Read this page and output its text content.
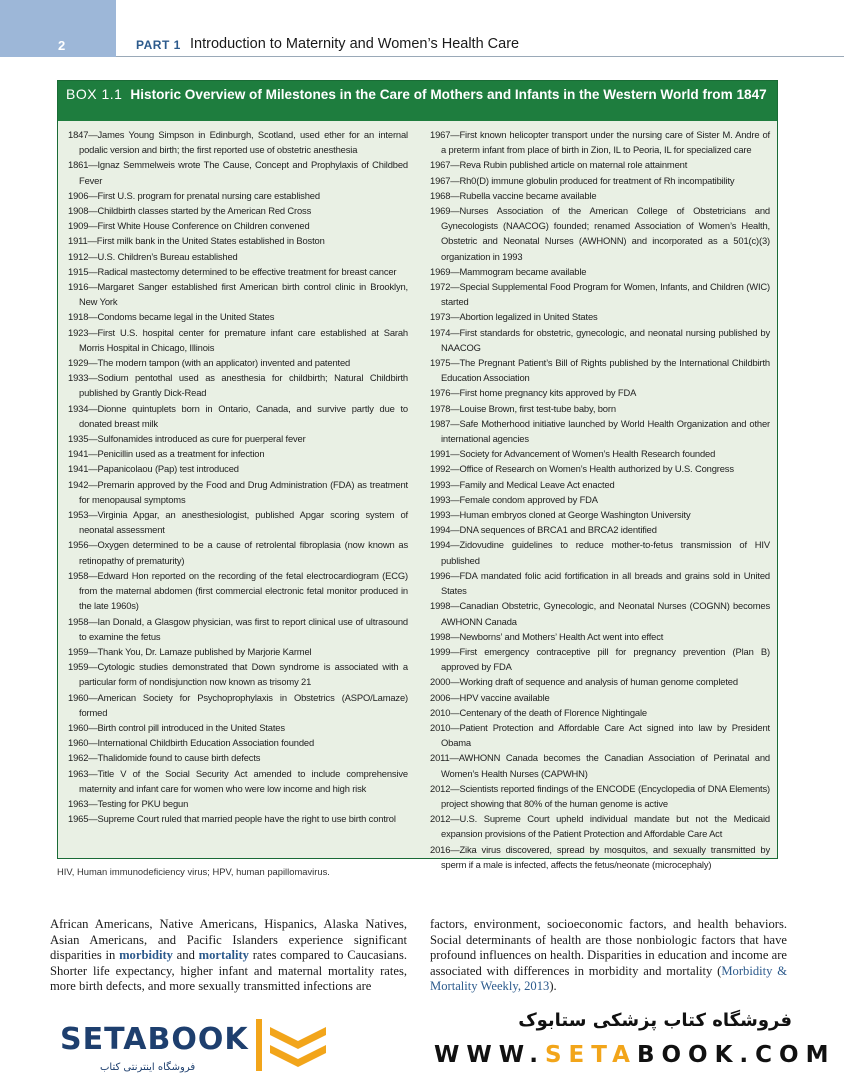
2	PART 1 Introduction to Maternity and Women’s Health Care
BOX 1.1 Historic Overview of Milestones in the Care of Mothers and Infants in the Western World from 1847
1847—James Young Simpson in Edinburgh, Scotland, used ether for an internal podalic version and birth; the first reported use of obstetric anesthesia
1861—Ignaz Semmelweis wrote The Cause, Concept and Prophylaxis of Childbed Fever
1906—First U.S. program for prenatal nursing care established
1908—Childbirth classes started by the American Red Cross
1909—First White House Conference on Children convened
1911—First milk bank in the United States established in Boston
1912—U.S. Children’s Bureau established
1915—Radical mastectomy determined to be effective treatment for breast cancer
1916—Margaret Sanger established first American birth control clinic in Brooklyn, New York
1918—Condoms became legal in the United States
1923—First U.S. hospital center for premature infant care established at Sarah Morris Hospital in Chicago, Illinois
1929—The modern tampon (with an applicator) invented and patented
1933—Sodium pentothal used as anesthesia for childbirth; Natural Childbirth published by Grantly Dick-Read
1934—Dionne quintuplets born in Ontario, Canada, and survive partly due to donated breast milk
1935—Sulfonamides introduced as cure for puerperal fever
1941—Penicillin used as a treatment for infection
1941—Papanicolaou (Pap) test introduced
1942—Premarin approved by the Food and Drug Administration (FDA) as treatment for menopausal symptoms
1953—Virginia Apgar, an anesthesiologist, published Apgar scoring system of neonatal assessment
1956—Oxygen determined to be a cause of retrolental fibroplasia (now known as retinopathy of prematurity)
1958—Edward Hon reported on the recording of the fetal electrocardiogram (ECG) from the maternal abdomen (first commercial electronic fetal monitor produced in the late 1960s)
1958—Ian Donald, a Glasgow physician, was first to report clinical use of ultrasound to examine the fetus
1959—Thank You, Dr. Lamaze published by Marjorie Karmel
1959—Cytologic studies demonstrated that Down syndrome is associated with a particular form of nondisjunction now known as trisomy 21
1960—American Society for Psychoprophylaxis in Obstetrics (ASPO/Lamaze) formed
1960—Birth control pill introduced in the United States
1960—International Childbirth Education Association founded
1962—Thalidomide found to cause birth defects
1963—Title V of the Social Security Act amended to include comprehensive maternity and infant care for women who were low income and high risk
1963—Testing for PKU begun
1965—Supreme Court ruled that married people have the right to use birth control
1967—First known helicopter transport under the nursing care of Sister M. Andre of a preterm infant from place of birth in Zion, IL to Peoria, IL for specialized care
1967—Reva Rubin published article on maternal role attainment
1967—Rh0(D) immune globulin produced for treatment of Rh incompatibility
1968—Rubella vaccine became available
1969—Nurses Association of the American College of Obstetricians and Gynecologists (NAACOG) founded; renamed Association of Women’s Health, Obstetric and Neonatal Nurses (AWHONN) and incorporated as a 501(c)(3) organization in 1993
1969—Mammogram became available
1972—Special Supplemental Food Program for Women, Infants, and Children (WIC) started
1973—Abortion legalized in United States
1974—First standards for obstetric, gynecologic, and neonatal nursing published by NAACOG
1975—The Pregnant Patient’s Bill of Rights published by the International Childbirth Education Association
1976—First home pregnancy kits approved by FDA
1978—Louise Brown, first test-tube baby, born
1987—Safe Motherhood initiative launched by World Health Organization and other international agencies
1991—Society for Advancement of Women’s Health Research founded
1992—Office of Research on Women’s Health authorized by U.S. Congress
1993—Family and Medical Leave Act enacted
1993—Female condom approved by FDA
1993—Human embryos cloned at George Washington University
1994—DNA sequences of BRCA1 and BRCA2 identified
1994—Zidovudine guidelines to reduce mother-to-fetus transmission of HIV published
1996—FDA mandated folic acid fortification in all breads and grains sold in United States
1998—Canadian Obstetric, Gynecologic, and Neonatal Nurses (COGNN) becomes AWHONN Canada
1998—Newborns’ and Mothers’ Health Act went into effect
1999—First emergency contraceptive pill for pregnancy prevention (Plan B) approved by FDA
2000—Working draft of sequence and analysis of human genome completed
2006—HPV vaccine available
2010—Centenary of the death of Florence Nightingale
2010—Patient Protection and Affordable Care Act signed into law by President Obama
2011—AWHONN Canada becomes the Canadian Association of Perinatal and Women’s Health Nurses (CAPWHN)
2012—Scientists reported findings of the ENCODE (Encyclopedia of DNA Elements) project showing that 80% of the human genome is active
2012—U.S. Supreme Court upheld individual mandate but not the Medicaid expansion provisions of the Patient Protection and Affordable Care Act
2016—Zika virus discovered, spread by mosquitos, and sexually transmitted by sperm if a male is infected, affects the fetus/neonate (microcephaly)
HIV, Human immunodeficiency virus; HPV, human papillomavirus.
African Americans, Native Americans, Hispanics, Alaska Natives, Asian Americans, and Pacific Islanders experience significant disparities in morbidity and mortality rates compared to Caucasians. Shorter life expectancy, higher infant and maternal mortality rates, more birth defects, and more sexually transmitted infections are
factors, environment, socioeconomic factors, and health behaviors. Social determinants of health are those nonbiologic factors that have profound influences on health. Disparities in education and income are associated with differences in morbidity and mortality (Morbidity & Mortality Weekly, 2013).
SETABOOK
فروشگاه اینترنتی کتاب
فروشگاه کتاب پزشکی ستابوک
WWW.SETABOOK.COM
